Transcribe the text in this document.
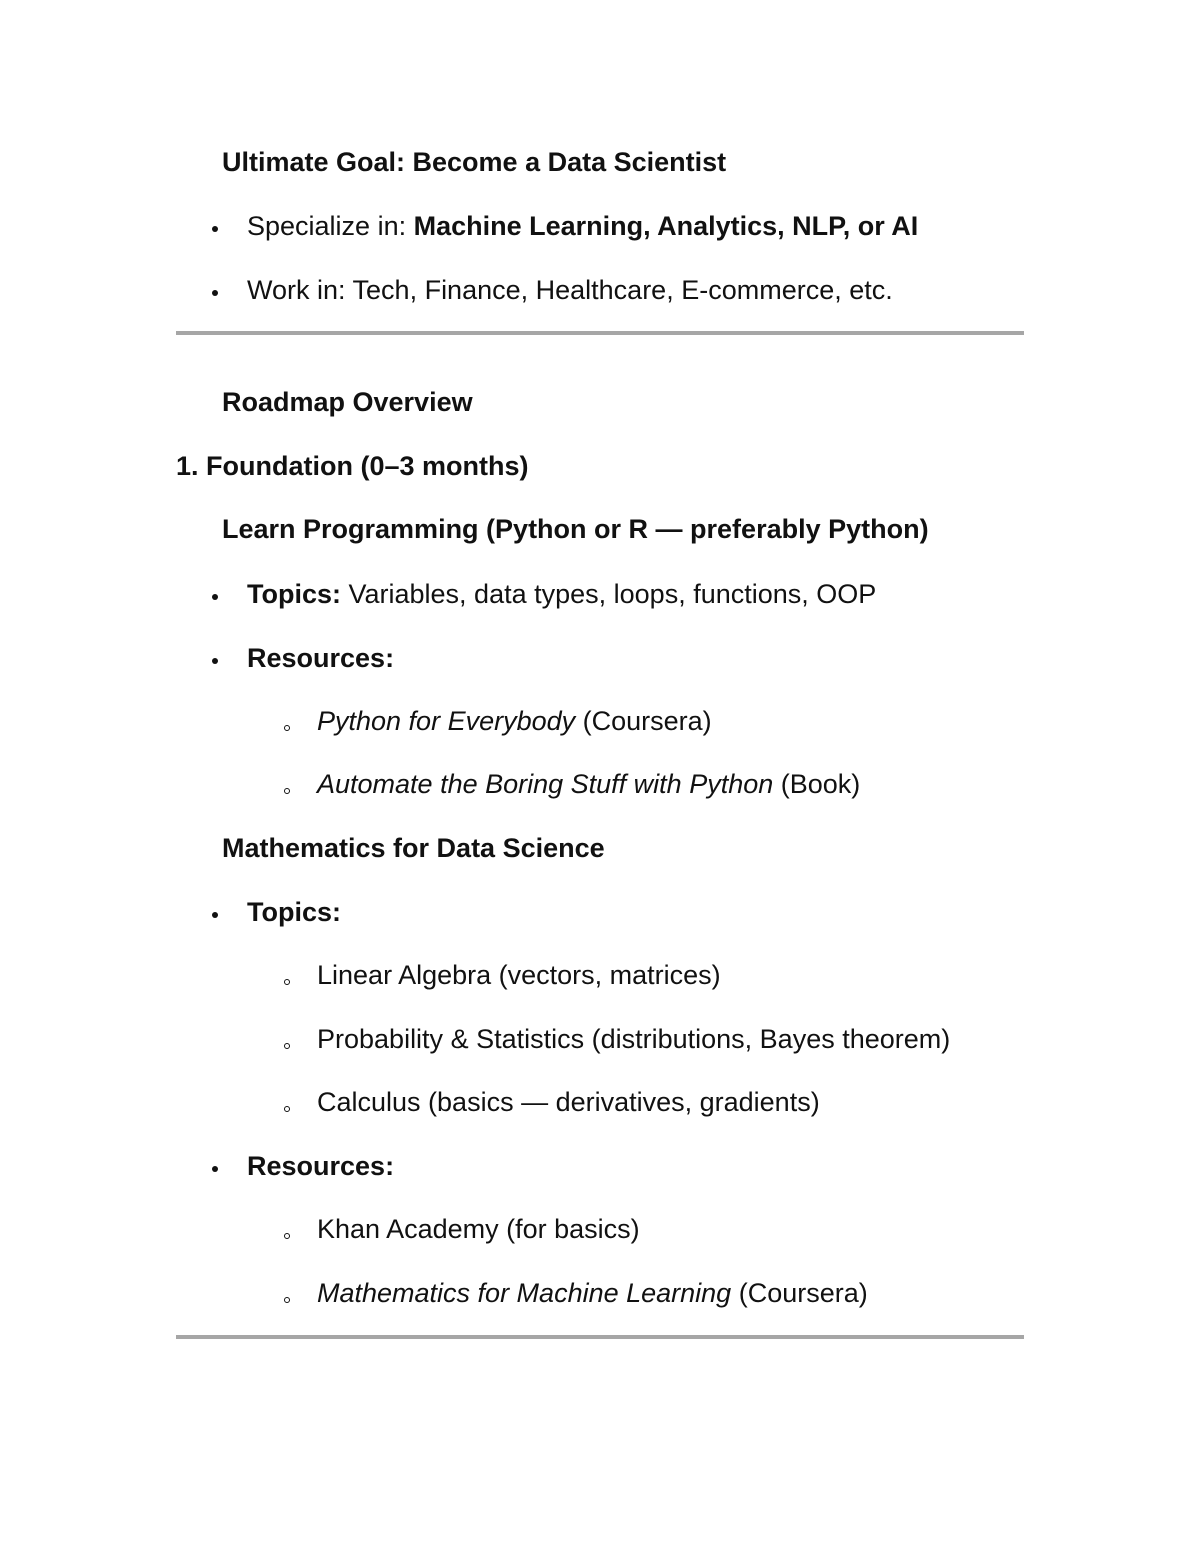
Ultimate Goal: Become a Data Scientist
Specialize in: Machine Learning, Analytics, NLP, or AI
Work in: Tech, Finance, Healthcare, E-commerce, etc.
Roadmap Overview
1. Foundation (0–3 months)
Learn Programming (Python or R — preferably Python)
Topics: Variables, data types, loops, functions, OOP
Resources:
Python for Everybody (Coursera)
Automate the Boring Stuff with Python (Book)
Mathematics for Data Science
Topics:
Linear Algebra (vectors, matrices)
Probability & Statistics (distributions, Bayes theorem)
Calculus (basics — derivatives, gradients)
Resources:
Khan Academy (for basics)
Mathematics for Machine Learning (Coursera)
